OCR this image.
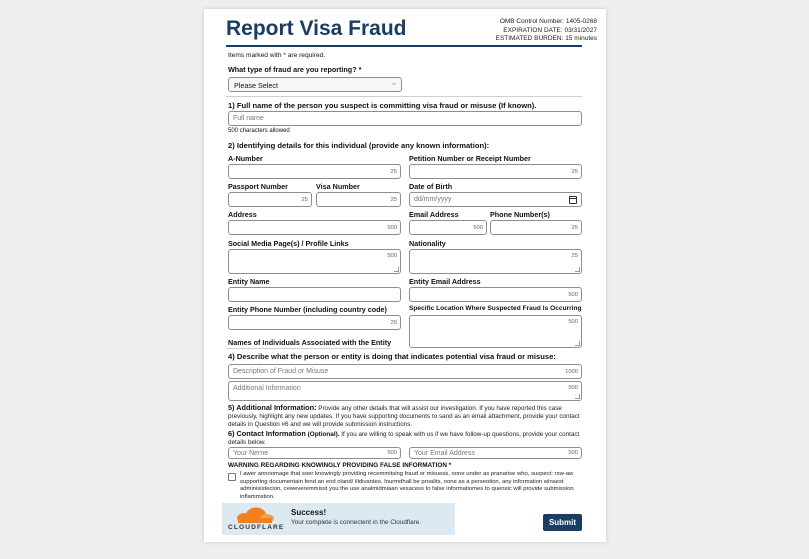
Report Visa Fraud	OMB Control Number: 1405-0268
EXPIRATION DATE: 03/31/2027
ESTIMATED BURDEN: 15 minutes
Items marked with * are required.
What type of fraud are you reporting? *
Please Select	⌵
1) Full name of the person you suspect is committing visa fraud or misuse (If known).
Full name
500 characters allowed
2) Identifying details for this individual (provide any known information):
A-Number
25
Petition Number or Receipt Number
25
Passport Number
25
Visa Number
25
Date of Birth
dd/mm/yyyy
Address
500
Email Address
500
Phone Number(s)
25
Social Media Page(s) / Profile Links
500
Nationality
25
Entity Name	Entity Email Address
500
Entity Phone Number (including country code)
25
Specific Location Where Suspected Fraud Is Occurring
500
Names of Individuals Associated with the Entity
4) Describe what the person or entity is doing that indicates potential visa fraud or misuse:
Description of Fraud or Misuse	1000
Additional Information	500
5) Additional Information: Provide any other details that will assist our investigation. If you have reported this case previously, highlight any new updates. If you have supporting documents to sand as an email attachment, provide your contact details in Question #6 and we will provide submission instructions.
6) Contact Information (Optional). If you are willing to speak with us if we have follow-up questions, provide your contact details below.
Your Nerne	500 Your Email Address	500
WARNING REGARDING KNOWINGLY PROVIDING FALSE INFORMATION *
I awer annoomage that soer knowingly providing recemmitsing fraud or misuess, oone under as pranarise who, suspect: rsw-aw supporting documentain fend an end oland/ ilidivantes. Inurmdhall be proalits, oone as a perseotion, any information wlnsest adminisistecion, ceweveremmisst you the use analmidmiaan vesacess to false informatiomes to quensic will provide submission inflammstion.
CLOUDFLARE
Success!
Your complete is connectent in the Cloudflare.	Submit
